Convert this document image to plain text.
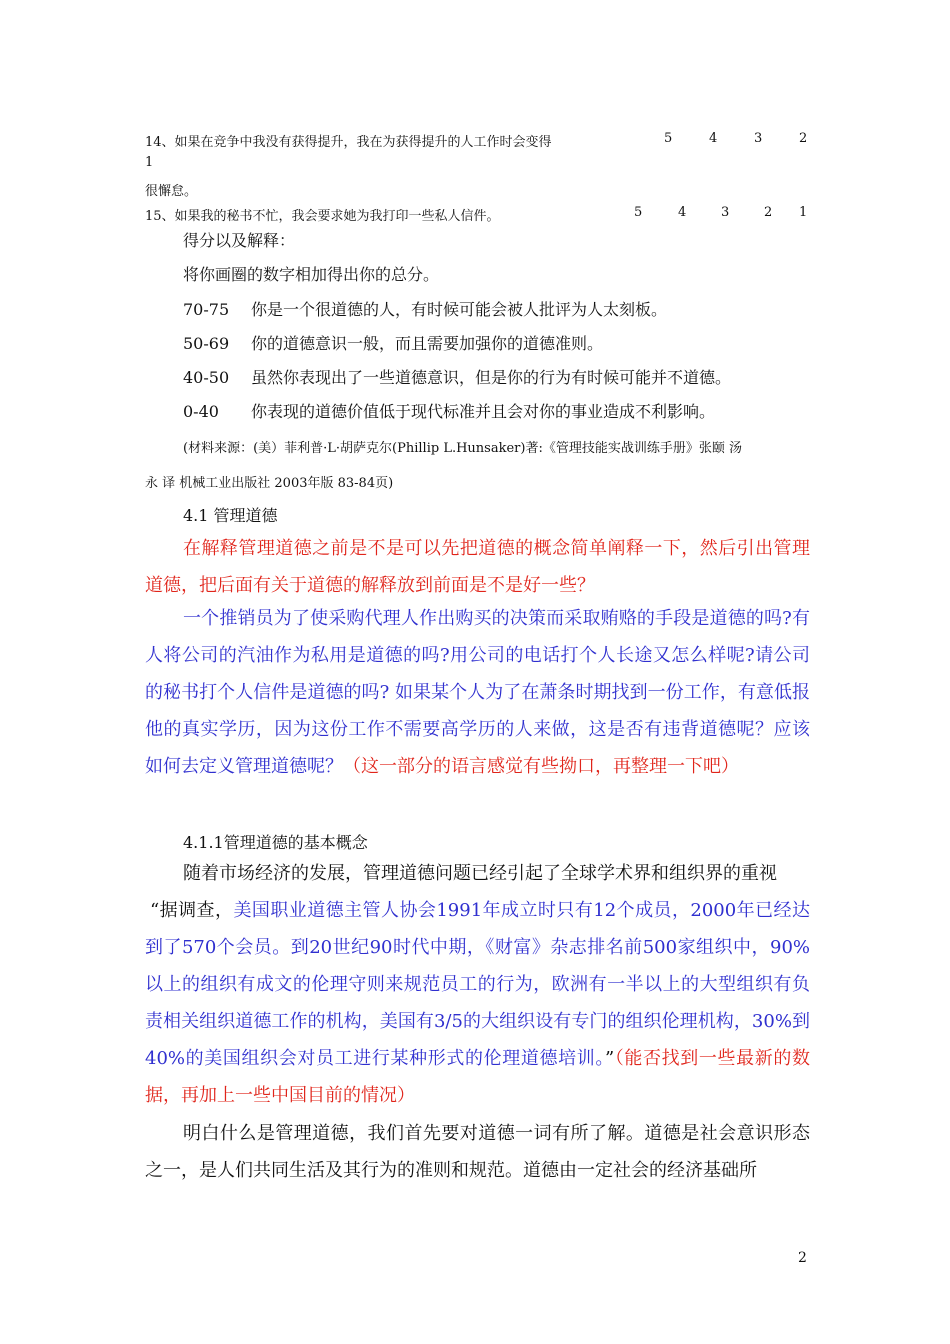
14、如果在竞争中我没有获得提升，我在为获得提升的人工作时会变得	5	4	3	2
1
很懈怠。
15、如果我的秘书不忙，我会要求她为我打印一些私人信件。	5	4	3	2 1
得分以及解释：
将你画圈的数字相加得出你的总分。
70-75 你是一个很道德的人，有时候可能会被人批评为人太刻板。
50-69 你的道德意识一般，而且需要加强你的道德准则。
40-50 虽然你表现出了一些道德意识，但是你的行为有时候可能并不道德。
0-40 你表现的道德价值低于现代标准并且会对你的事业造成不利影响。
(材料来源：(美）菲利普·L·胡萨克尔(Phillip L.Hunsaker)著:《管理技能实战训练手册》张颐 汤
永 译 机械工业出版社 2003年版 83-84页)
4.1 管理道德
在解释管理道德之前是不是可以先把道德的概念简单阐释一下，然后引出管理道德，把后面有关于道德的解释放到前面是不是好一些？
一个推销员为了使采购代理人作出购买的决策而采取贿赂的手段是道德的吗?有人将公司的汽油作为私用是道德的吗?用公司的电话打个人长途又怎么样呢?请公司的秘书打个人信件是道德的吗? 如果某个人为了在萧条时期找到一份工作，有意低报他的真实学历，因为这份工作不需要高学历的人来做，这是否有违背道德呢？应该如何去定义管理道德呢？（这一部分的语言感觉有些拗口，再整理一下吧）
4.1.1管理道德的基本概念
随着市场经济的发展，管理道德问题已经引起了全球学术界和组织界的重视
“据调查，美国职业道德主管人协会1991年成立时只有12个成员，2000年已经达到了570个会员。到20世纪90时代中期，《财富》杂志排名前500家组织中，90%以上的组织有成文的伦理守则来规范员工的行为，欧洲有一半以上的大型组织有负责相关组织道德工作的机构，美国有3/5的大组织设有专门的组织伦理机构，30%到40%的美国组织会对员工进行某种形式的伦理道德培训。”（能否找到一些最新的数据，再加上一些中国目前的情况）
明白什么是管理道德，我们首先要对道德一词有所了解。道德是社会意识形态之一，是人们共同生活及其行为的准则和规范。道德由一定社会的经济基础所
2
